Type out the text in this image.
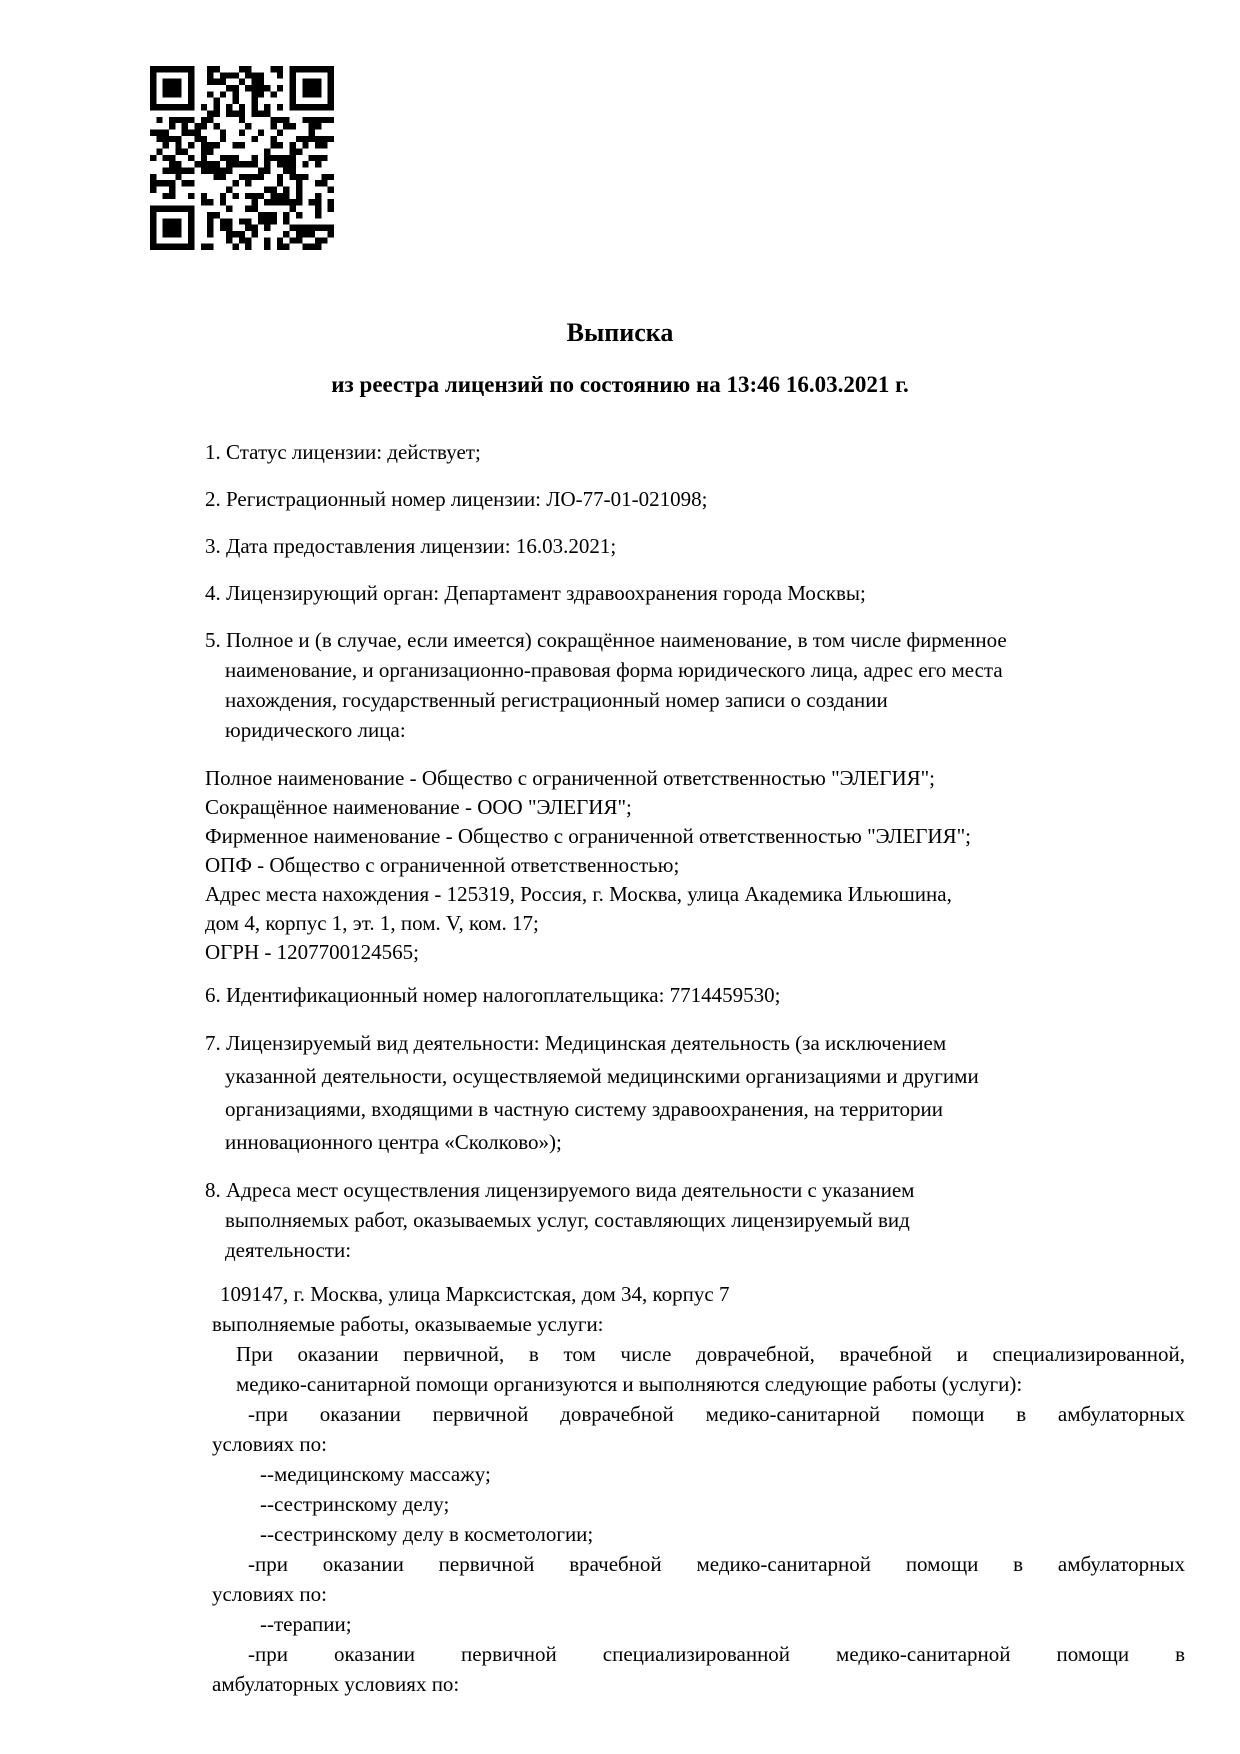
Выписка
из реестра лицензий по состоянию на 13:46 16.03.2021 г.
1. Статус лицензии: действует;
2. Регистрационный номер лицензии: ЛО-77-01-021098;
3. Дата предоставления лицензии: 16.03.2021;
4. Лицензирующий орган: Департамент здравоохранения города Москвы;
5. Полное и (в случае, если имеется) сокращённое наименование, в том числе фирменное
наименование, и организационно-правовая форма юридического лица, адрес его места
нахождения, государственный регистрационный номер записи о создании
юридического лица:
Полное наименование - Общество с ограниченной ответственностью "ЭЛЕГИЯ";
Сокращённое наименование - ООО "ЭЛЕГИЯ";
Фирменное наименование - Общество с ограниченной ответственностью "ЭЛЕГИЯ";
ОПФ - Общество с ограниченной ответственностью;
Адрес места нахождения - 125319, Россия, г. Москва, улица Академика Ильюшина,
дом 4, корпус 1, эт. 1, пом. V, ком. 17;
ОГРН - 1207700124565;
6. Идентификационный номер налогоплательщика: 7714459530;
7. Лицензируемый вид деятельности: Медицинская деятельность (за исключением
указанной деятельности, осуществляемой медицинскими организациями и другими
организациями, входящими в частную систему здравоохранения, на территории
инновационного центра «Сколково»);
8. Адреса мест осуществления лицензируемого вида деятельности с указанием
выполняемых работ, оказываемых услуг, составляющих лицензируемый вид
деятельности:
109147, г. Москва, улица Марксистская, дом 34, корпус 7
выполняемые работы, оказываемые услуги:
При оказании первичной, в том числе доврачебной, врачебной и специализированной,
медико-санитарной помощи организуются и выполняются следующие работы (услуги):
-при оказании первичной доврачебной медико-санитарной помощи в амбулаторных
условиях по:
--медицинскому массажу;
--сестринскому делу;
--сестринскому делу в косметологии;
-при оказании первичной врачебной медико-санитарной помощи в амбулаторных
условиях по:
--терапии;
-при оказании первичной специализированной медико-санитарной помощи в
амбулаторных условиях по:
